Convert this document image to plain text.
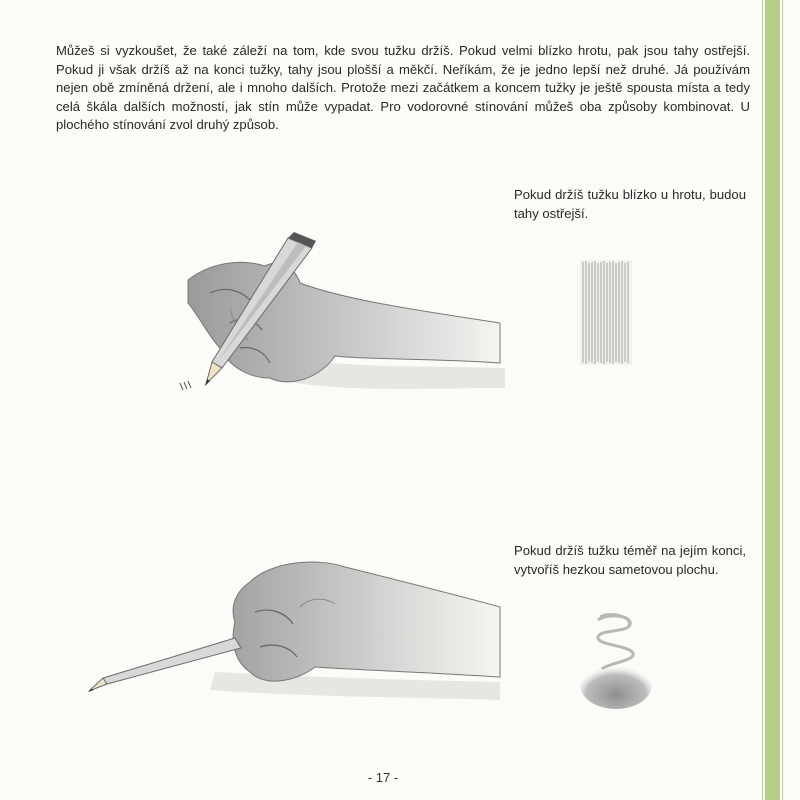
Můžeš si vyzkoušet, že také záleží na tom, kde svou tužku držíš. Pokud velmi blízko hrotu, pak jsou tahy ostřejší. Pokud ji však držíš až na konci tužky, tahy jsou plošší a měkčí. Neříkám, že je jedno lepší než druhé. Já používám nejen obě zmíněná držení, ale i mnoho dalších. Protože mezi začátkem a koncem tužky je ještě spousta místa a tedy celá škála dalších možností, jak stín může vypadat. Pro vodorovné stínování můžeš oba způsoby kombinovat. U plochého stínování zvol druhý způsob.

Pokud držíš tužku blízko u hrotu, budou tahy ostřejší.

Pokud držíš tužku téměř na jejím konci, vytvoříš hezkou sametovou plochu.

- 17 -
